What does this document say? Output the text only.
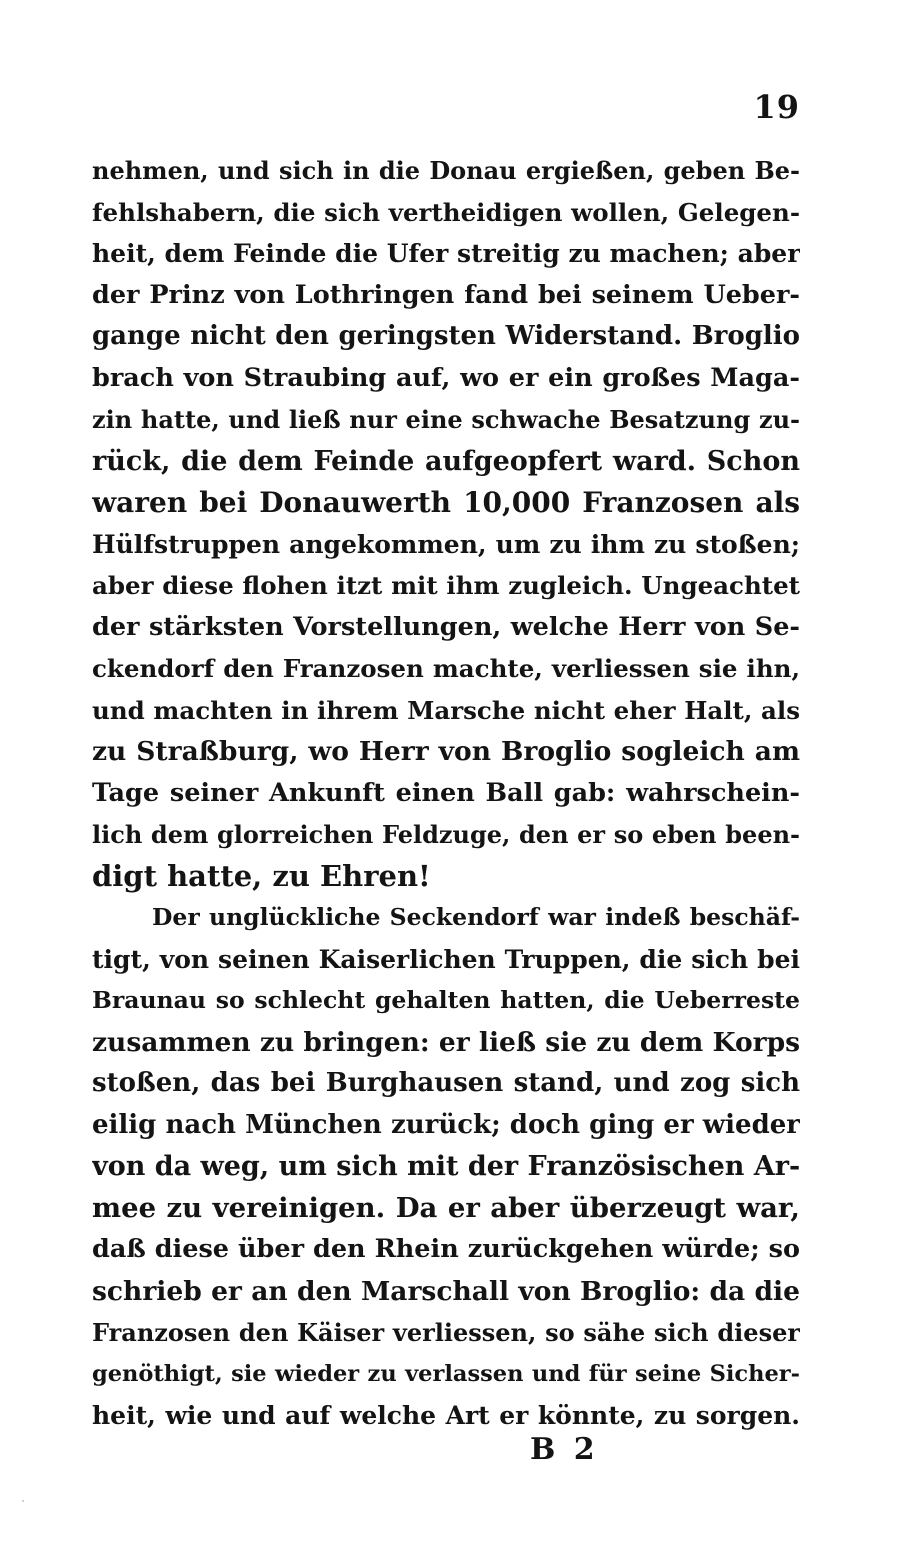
19
nehmen, und sich in die Donau ergießen, geben Be-
fehlshabern, die sich vertheidigen wollen, Gelegen-
heit, dem Feinde die Ufer streitig zu machen; aber
der Prinz von Lothringen fand bei seinem Ueber-
gange nicht den geringsten Widerstand. Broglio
brach von Straubing auf, wo er ein großes Maga-
zin hatte, und ließ nur eine schwache Besatzung zu-
rück, die dem Feinde aufgeopfert ward. Schon
waren bei Donauwerth 10,000 Franzosen als
Hülfstruppen angekommen, um zu ihm zu stoßen;
aber diese flohen itzt mit ihm zugleich. Ungeachtet
der stärksten Vorstellungen, welche Herr von Se-
ckendorf den Franzosen machte, verliessen sie ihn,
und machten in ihrem Marsche nicht eher Halt, als
zu Straßburg, wo Herr von Broglio sogleich am
Tage seiner Ankunft einen Ball gab: wahrschein-
lich dem glorreichen Feldzuge, den er so eben been-
digt hatte, zu Ehren!
Der unglückliche Seckendorf war indeß beschäf-
tigt, von seinen Kaiserlichen Truppen, die sich bei
Braunau so schlecht gehalten hatten, die Ueberreste
zusammen zu bringen: er ließ sie zu dem Korps
stoßen, das bei Burghausen stand, und zog sich
eilig nach München zurück; doch ging er wieder
von da weg, um sich mit der Französischen Ar-
mee zu vereinigen. Da er aber überzeugt war,
daß diese über den Rhein zurückgehen würde; so
schrieb er an den Marschall von Broglio: da die
Franzosen den Käiser verliessen, so sähe sich dieser
genöthigt, sie wieder zu verlassen und für seine Sicher-
heit, wie und auf welche Art er könnte, zu sorgen.
B 2
